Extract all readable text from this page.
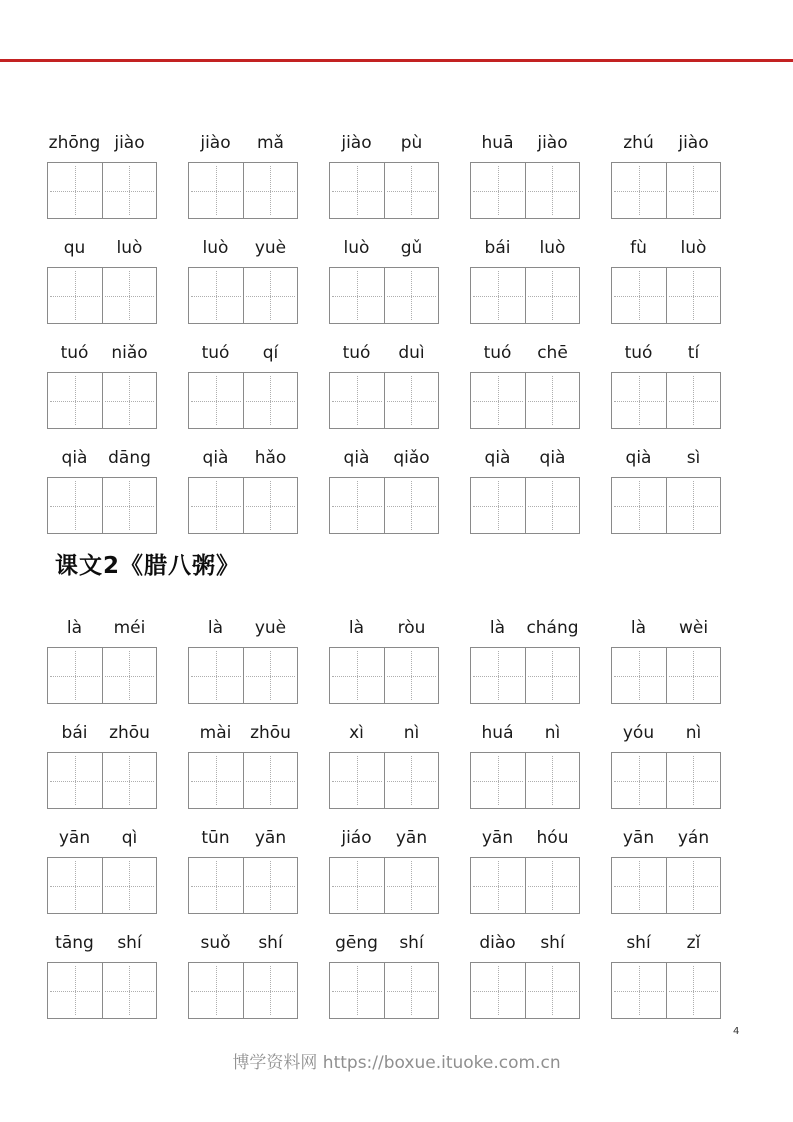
zhōng jiào	jiào	mǎ	jiào	pù	huā	jiào	zhú	jiào
qu	luò	luò	yuè	luò	gǔ	bái	luò	fù	luò
tuó	niǎo	tuó	qí	tuó	duì	tuó	chē	tuó	tí
qià	dāng	qià	hǎo	qià	qiǎo	qià	qià	qià	sì
课文2《腊八粥》
là	méi	là	yuè	là	ròu	là	cháng	là	wèi
bái	zhōu	mài	zhōu	xì	nì	huá	nì	yóu	nì
yān	qì	tūn	yān	jiáo	yān	yān	hóu	yān	yán
tāng	shí	suǒ	shí	gēng	shí	diào	shí	shí	zǐ
4
博学资料网 https://boxue.ituoke.com.cn
